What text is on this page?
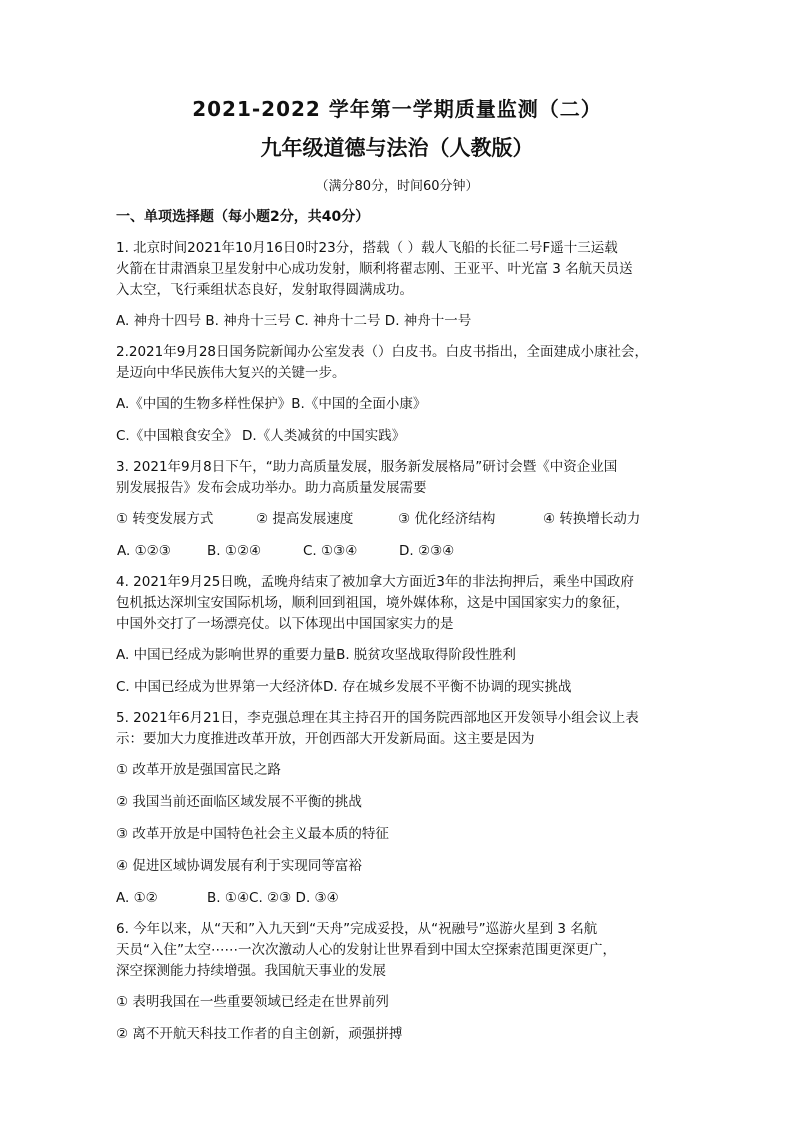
2021-2022 学年第一学期质量监测（二）
九年级道德与法治（人教版）
（满分80分，时间60分钟）
一、单项选择题（每小题2分，共40分）
1. 北京时间2021年10月16日0时23分，搭载（ ）载人飞船的长征二号F遥十三运载
火箭在甘肃酒泉卫星发射中心成功发射，顺利将翟志刚、王亚平、叶光富 3 名航天员送
入太空，飞行乘组状态良好，发射取得圆满成功。
A. 神舟十四号 B. 神舟十三号 C. 神舟十二号 D. 神舟十一号
2.2021年9月28日国务院新闻办公室发表（）白皮书。白皮书指出，全面建成小康社会，
是迈向中华民族伟大复兴的关键一步。
A.《中国的生物多样性保护》B.《中国的全面小康》
C.《中国粮食安全》 D.《人类减贫的中国实践》
3. 2021年9月8日下午，“助力高质量发展，服务新发展格局”研讨会暨《中资企业国
别发展报告》发布会成功举办。助力高质量发展需要
① 转变发展方式	② 提高发展速度	③ 优化经济结构	④ 转换增长动力
A. ①②③	B. ①②④	C. ①③④	D. ②③④
4. 2021年9月25日晚，孟晚舟结束了被加拿大方面近3年的非法拘押后，乘坐中国政府
包机抵达深圳宝安国际机场，顺利回到祖国，境外媒体称，这是中国国家实力的象征，
中国外交打了一场漂亮仗。以下体现出中国国家实力的是
A. 中国已经成为影响世界的重要力量B. 脱贫攻坚战取得阶段性胜利
C. 中国已经成为世界第一大经济体D. 存在城乡发展不平衡不协调的现实挑战
5. 2021年6月21日，李克强总理在其主持召开的国务院西部地区开发领导小组会议上表
示：要加大力度推进改革开放，开创西部大开发新局面。这主要是因为
① 改革开放是强国富民之路
② 我国当前还面临区域发展不平衡的挑战
③ 改革开放是中国特色社会主义最本质的特征
④ 促进区域协调发展有利于实现同等富裕
A. ①②	B. ①④C. ②③ D. ③④
6. 今年以来，从“天和”入九天到“天舟”完成妥投，从“祝融号”巡游火星到 3 名航
天员“入住”太空⋯⋯一次次激动人心的发射让世界看到中国太空探索范围更深更广，
深空探测能力持续增强。我国航天事业的发展
① 表明我国在一些重要领域已经走在世界前列
② 离不开航天科技工作者的自主创新，顽强拼搏
